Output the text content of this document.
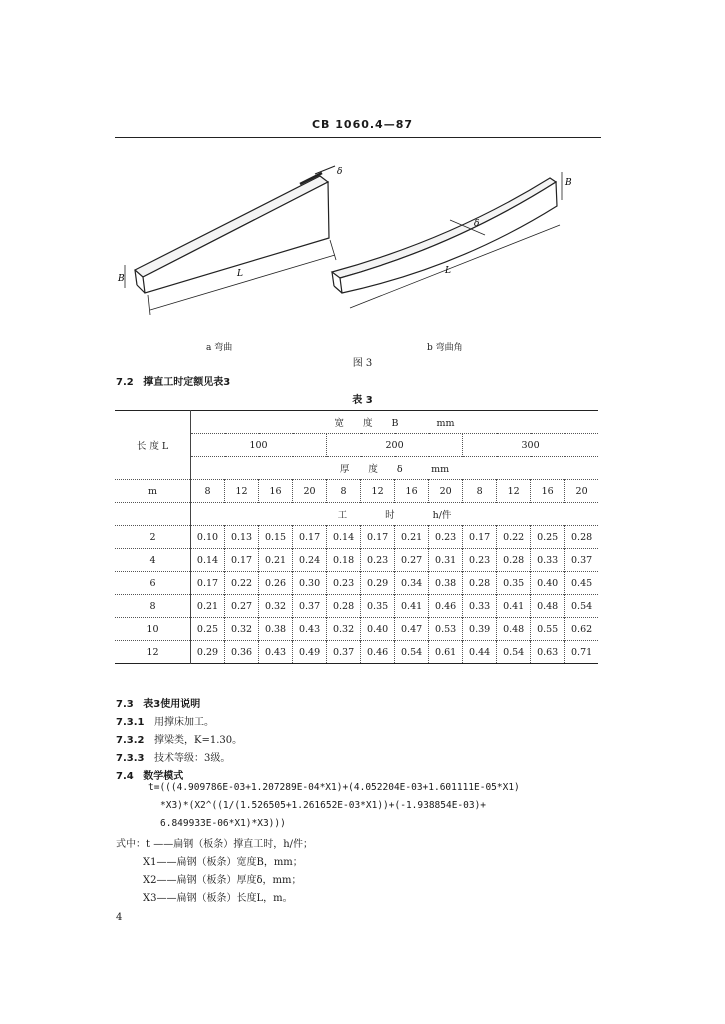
CB 1060.4—87
L
B
δ
L
B
δ
a 弯曲	b 弯曲角
图 3
7.2 撑直工时定额见表3
表 3
长 度 L	宽　　度　　B　　　　mm											
	100				200				300			
	厚　　度　　δ　　　mm											
m	8	12	16	20	8	12	16	20	8	12	16	20
	工　　　　时　　　　h/件											
2	0.10	0.13	0.15	0.17	0.14	0.17	0.21	0.23	0.17	0.22	0.25	0.28
4	0.14	0.17	0.21	0.24	0.18	0.23	0.27	0.31	0.23	0.28	0.33	0.37
6	0.17	0.22	0.26	0.30	0.23	0.29	0.34	0.38	0.28	0.35	0.40	0.45
8	0.21	0.27	0.32	0.37	0.28	0.35	0.41	0.46	0.33	0.41	0.48	0.54
10	0.25	0.32	0.38	0.43	0.32	0.40	0.47	0.53	0.39	0.48	0.55	0.62
12	0.29	0.36	0.43	0.49	0.37	0.46	0.54	0.61	0.44	0.54	0.63	0.71
7.3 表3使用说明
7.3.1 用撑床加工。
7.3.2 撑梁类，K=1.30。
7.3.3 技术等级：3级。
7.4 数学模式
t=(((4.909786E-03+1.207289E-04*X1)+(4.052204E-03+1.601111E-05*X1)
*X3)*(X2^((1/(1.526505+1.261652E-03*X1))+(-1.938854E-03)+
6.849933E-06*X1)*X3)))
式中：t ——扁钢（板条）撑直工时，h/件；
X1——扁钢（板条）宽度B，mm；
X2——扁钢（板条）厚度δ，mm；
X3——扁钢（板条）长度L，m。
4
